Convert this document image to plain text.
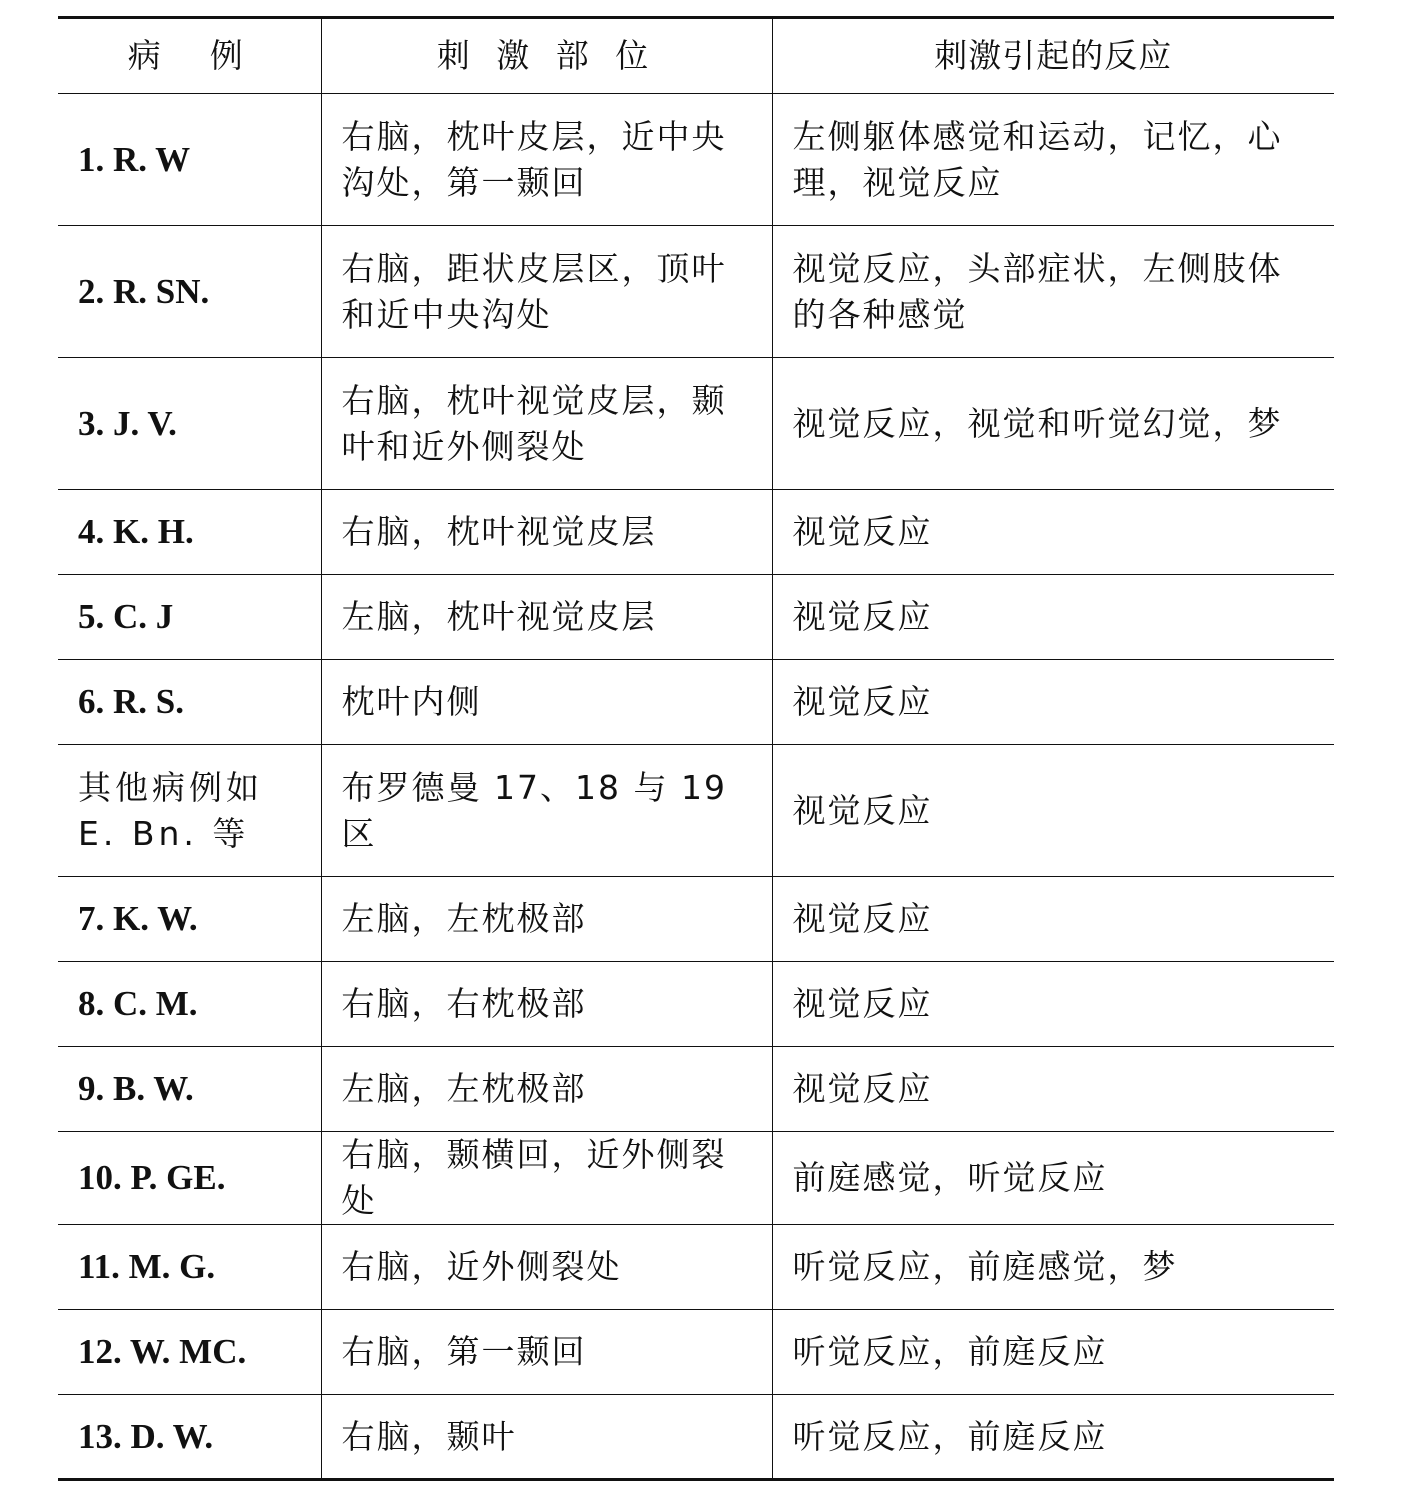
病　例	刺 激 部 位	刺激引起的反应
1. R. W	右脑，枕叶皮层，近中央沟处，第一颞回	左侧躯体感觉和运动，记忆，心理，视觉反应
2. R. SN.	右脑，距状皮层区，顶叶和近中央沟处	视觉反应，头部症状，左侧肢体的各种感觉
3. J. V.	右脑，枕叶视觉皮层，颞叶和近外侧裂处	视觉反应，视觉和听觉幻觉，梦
4. K. H.	右脑，枕叶视觉皮层	视觉反应
5. C. J	左脑，枕叶视觉皮层	视觉反应
6. R. S.	枕叶内侧	视觉反应
其他病例如E. Bn. 等	布罗德曼 17、18 与 19 区	视觉反应
7. K. W.	左脑，左枕极部	视觉反应
8. C. M.	右脑，右枕极部	视觉反应
9. B. W.	左脑，左枕极部	视觉反应
10. P. GE.	右脑，颞横回，近外侧裂处	前庭感觉，听觉反应
11. M. G.	右脑，近外侧裂处	听觉反应，前庭感觉，梦
12. W. MC.	右脑，第一颞回	听觉反应，前庭反应
13. D. W.	右脑，颞叶	听觉反应，前庭反应
